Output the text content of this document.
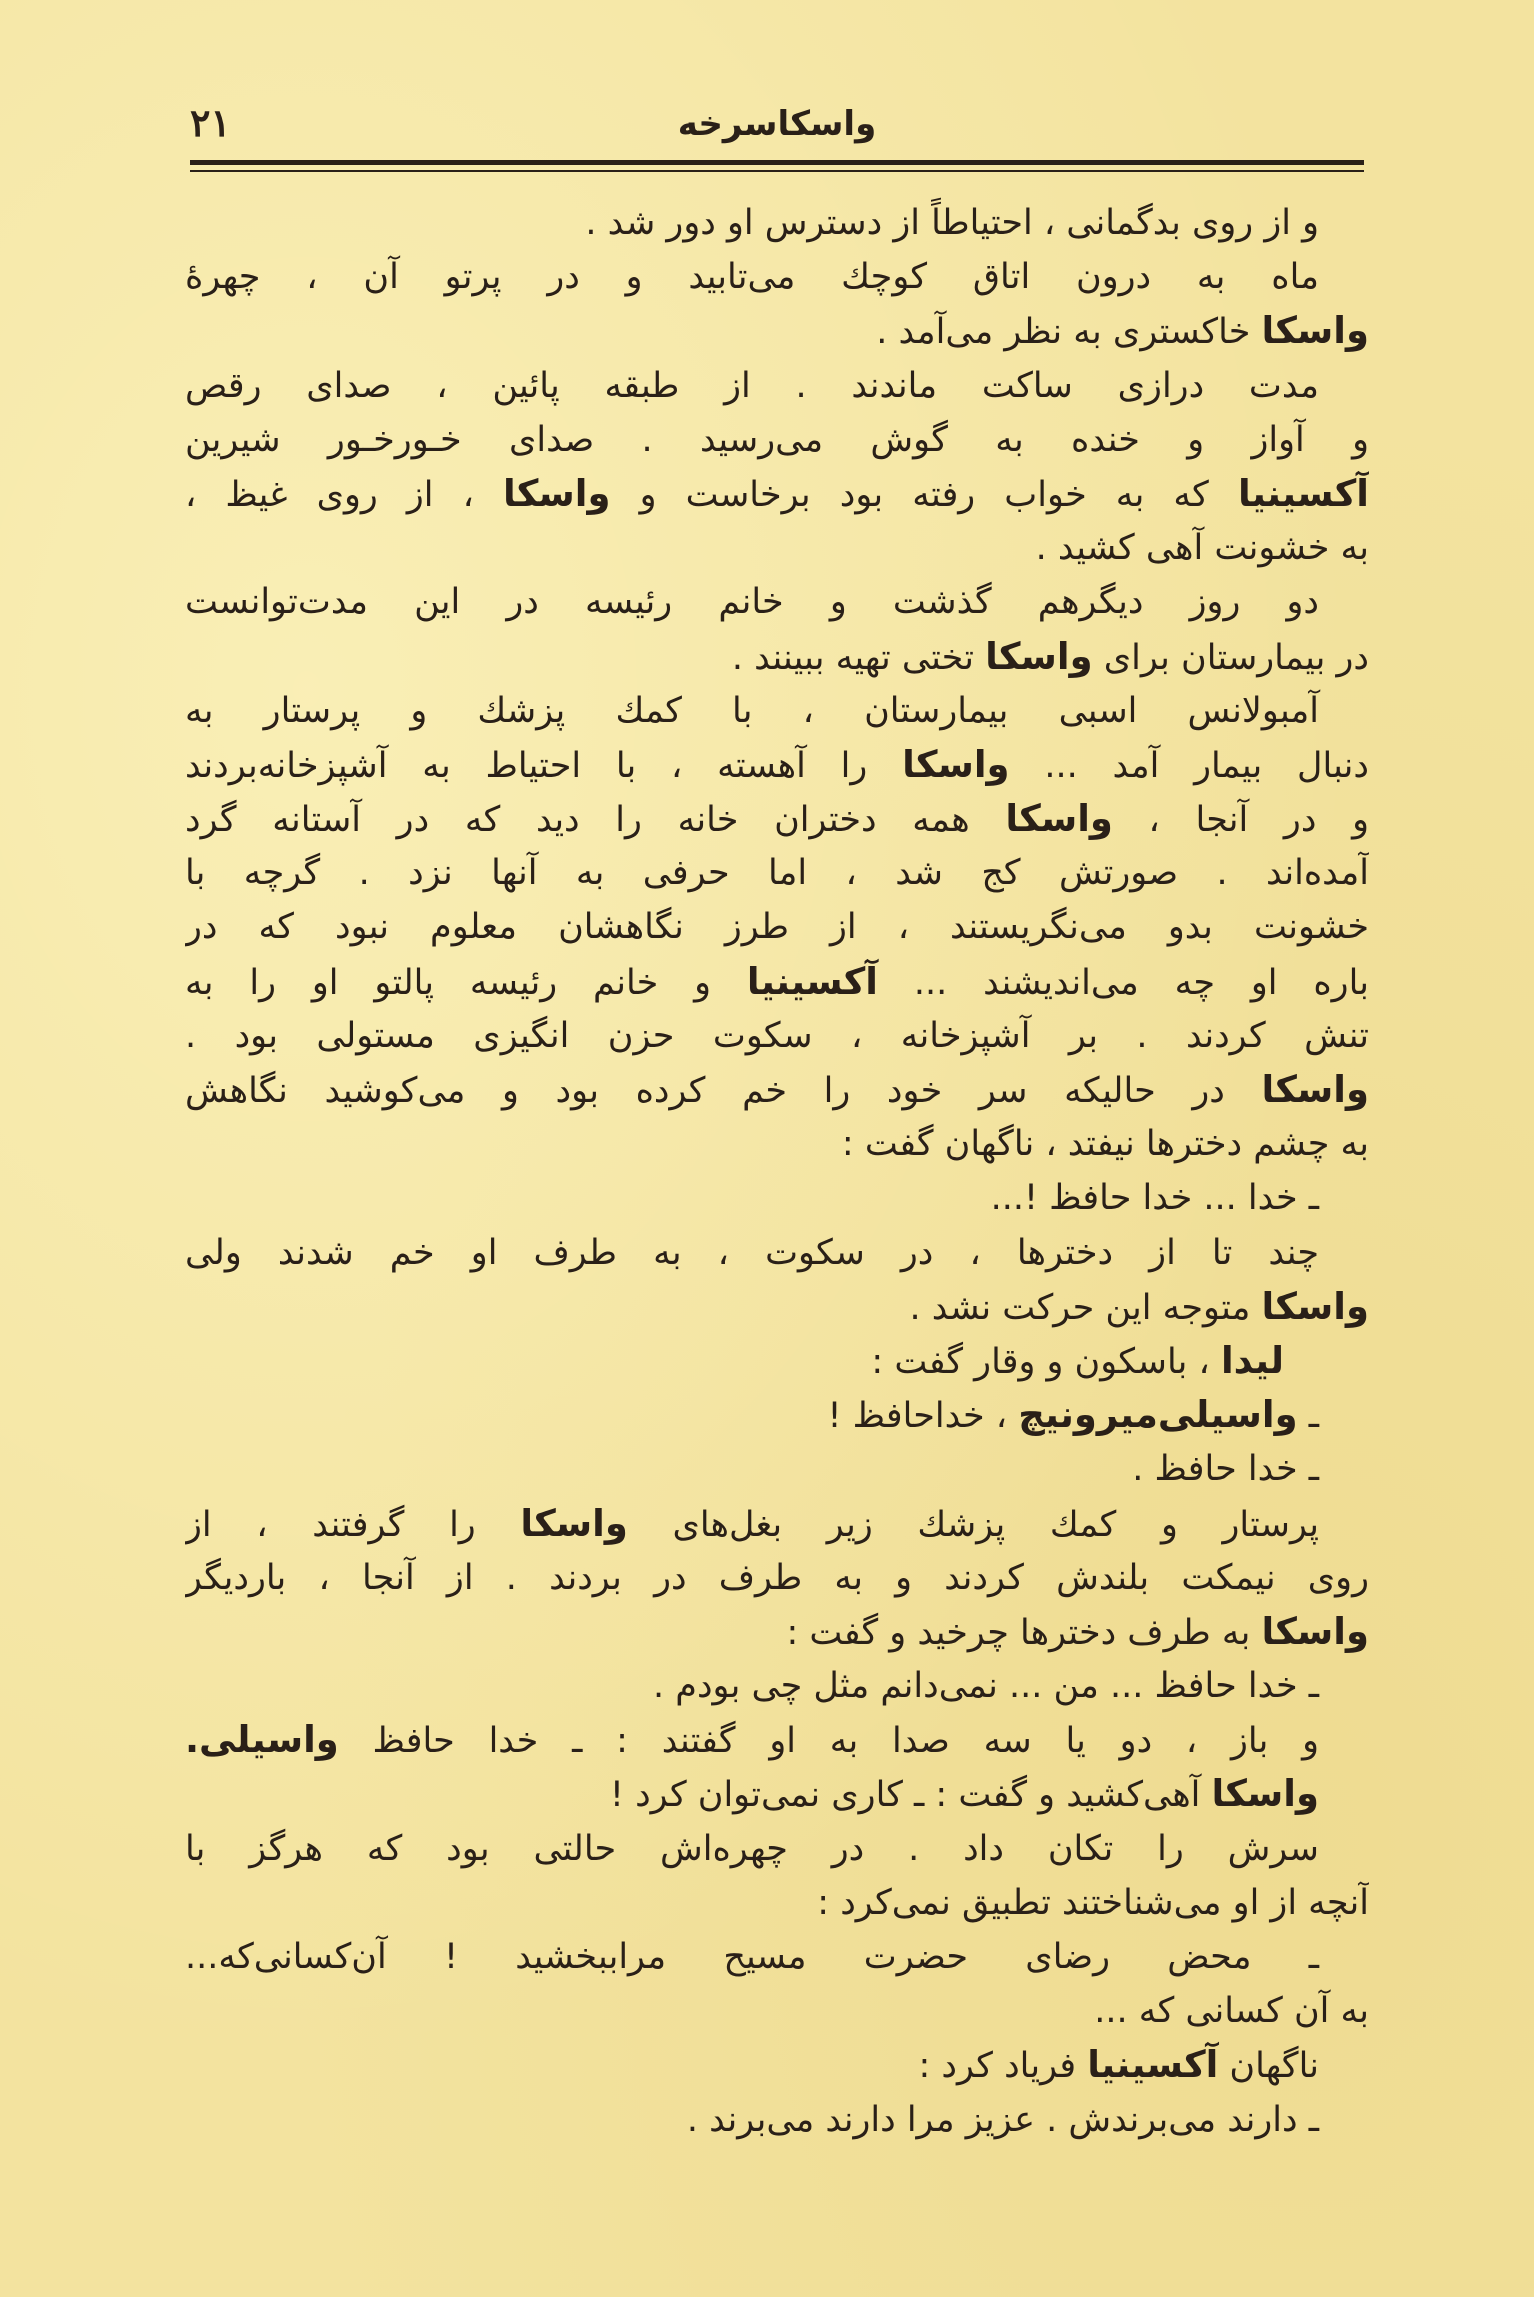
۲۱	واسکاسرخه
و از روی بدگمانی ، احتیاطاً از دسترس او دور شد .
ماه به درون اتاق کوچك می‌تابید و در پرتو آن ، چهرهٔ
واسکا خاکستری به نظر می‌آمد .
مدت درازی ساکت ماندند . از طبقه پائین ، صدای رقص
و آواز و خنده به گوش می‌رسید . صدای خـورخـور شیرین
آکسینیا که به خواب رفته بود برخاست و واسکا ، از روی غیظ ،
به خشونت آهی کشید .
دو روز دیگرهم گذشت و خانم رئیسه در این مدت‌توانست
در بیمارستان برای واسکا تختی تهیه ببینند .
آمبولانس اسبی بیمارستان ، با کمك پزشك و پرستار به
دنبال بیمار آمد ... واسکا را آهسته ، با احتیاط به آشپزخانه‌بردند
و در آنجا ، واسکا همه دختران خانه را دید که در آستانه گرد
آمده‌اند . صورتش کج شد ، اما حرفی به آنها نزد . گرچه با
خشونت بدو می‌نگریستند ، از طرز نگاهشان معلوم نبود که در
باره او چه می‌اندیشند ... آکسینیا و خانم رئیسه پالتو او را به
تنش کردند . بر آشپزخانه ، سکوت حزن انگیزی مستولی بود .
واسکا در حالیکه سر خود را خم کرده بود و می‌کوشید نگاهش
به چشم دخترها نیفتد ، ناگهان گفت :
ـ خدا ... خدا حافظ !...
چند تا از دخترها ، در سکوت ، به طرف او خم شدند ولی
واسکا متوجه این حرکت نشد .
لیدا ، باسکون و وقار گفت :
ـ واسیلی‌میرونیچ ، خداحافظ !
ـ خدا حافظ .
پرستار و کمك پزشك زیر بغل‌های واسکا را گرفتند ، از
روی نیمکت بلندش کردند و به طرف در بردند . از آنجا ، باردیگر
واسکا به طرف دخترها چرخید و گفت :
ـ خدا حافظ ... من ... نمی‌دانم مثل چی بودم .
و باز ، دو یا سه صدا به او گفتند : ـ خدا حافظ واسیلی.
واسکا آهی‌کشید و گفت : ـ کاری نمی‌توان کرد !
سرش را تکان داد . در چهره‌اش حالتی بود که هرگز با
آنچه از او می‌شناختند تطبیق نمی‌کرد :
ـ محض رضای حضرت مسیح مراببخشید ! آن‌کسانی‌که...
به آن کسانی که ...
ناگهان آکسینیا فریاد کرد :
ـ دارند می‌برندش . عزیز مرا دارند می‌برند .
